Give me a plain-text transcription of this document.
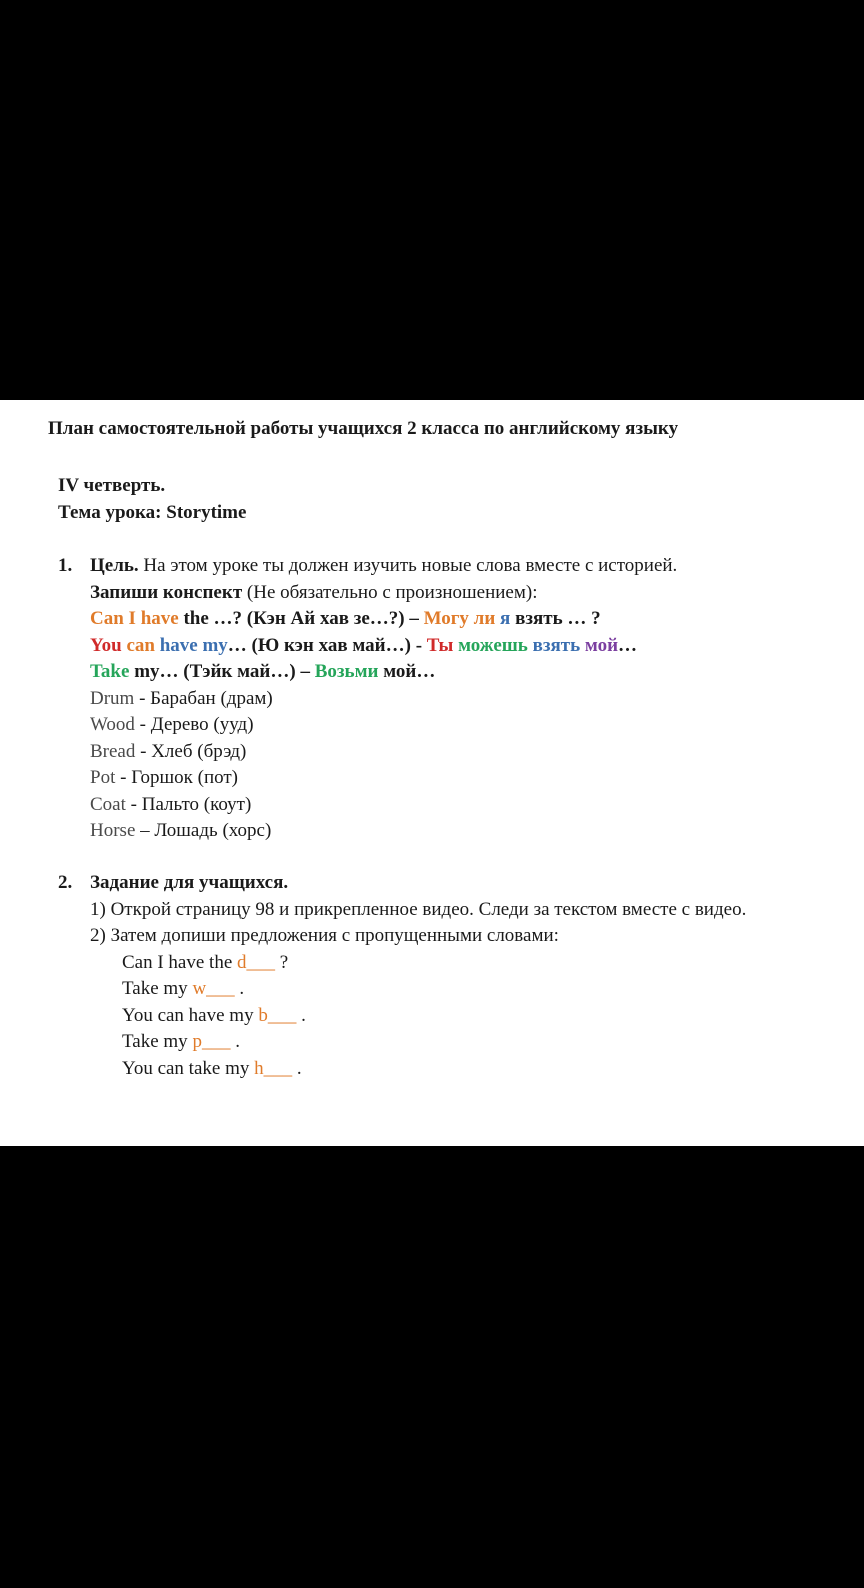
План самостоятельной работы учащихся 2 класса по английскому языку
IV четверть.
Тема урока: Storytime
1. Цель. На этом уроке ты должен изучить новые слова вместе с историей.
Запиши конспект (Не обязательно с произношением):
Can I have the …? (Кэн Ай хав зе…?) – Могу ли я взять … ?
You can have my… (Ю кэн хав май…) - Ты можешь взять мой…
Take my… (Тэйк май…) – Возьми мой…
Drum - Барабан (драм)
Wood - Дерево (ууд)
Bread - Хлеб (брэд)
Pot - Горшок (пот)
Coat - Пальто (коут)
Horse – Лошадь (хорс)
2. Задание для учащихся.
1) Открой страницу 98 и прикрепленное видео. Следи за текстом вместе с видео.
2) Затем допиши предложения с пропущенными словами:
Can I have the d___ ?
Take my w___ .
You can have my b___ .
Take my p___ .
You can take my h___ .
